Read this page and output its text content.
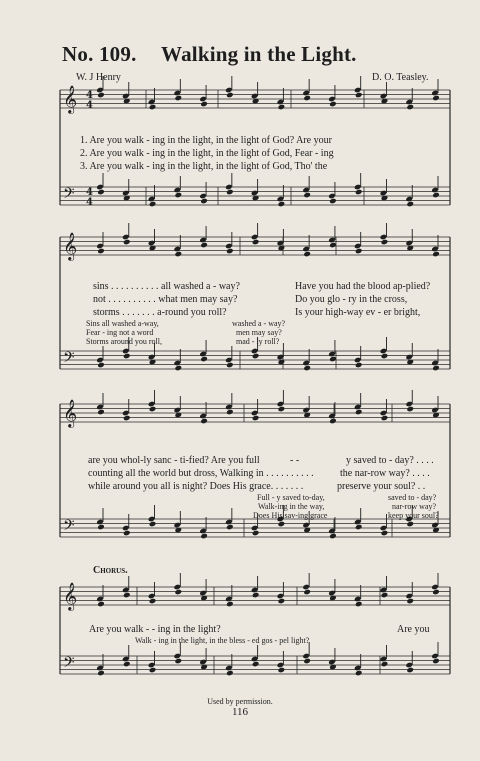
No. 109. Walking in the Light.
W. J Henry	D. O. Teasley.
𝄞
𝄢
𝄞
𝄢
𝄞
𝄢
𝄞
𝄢
4
4
4
4
1. Are you walk - ing in the light, in the light of God? Are your
2. Are you walk - ing in the light, in the light of God, Fear - ing
3. Are you walk - ing in the light, in the light of God, Tho' the
sins . . . . . . . . . . all washed a - way?
not . . . . . . . . . . what men may say?
storms . . . . . . . a-round you roll?
Have you had the blood ap-plied?
Do you glo - ry in the cross,
Is your high-way ev - er bright,
Sins all washed a-way,
Fear - ing not a word
Storms around you roll,
washed a - way?
men may say?
mad - ly roll?
are you whol-ly sanc - ti-fied? Are you full
counting all the world but dross, Walking in . . . . . . . . . .
while around you all is night? Does His grace. . . . . . .
- -	y saved to - day? . . . .
the nar-row way? . . . .
preserve your soul? . .
Full - y saved to-day,
Walk-ing in the way,
Does His sav-ing grace
saved to - day?
nar-row way?
keep your soul?
Chorus.
Are you walk - - ing in the light?	Are you
Walk - ing in the light, in the bless - ed gos - pel light?
Used by permission.
116
